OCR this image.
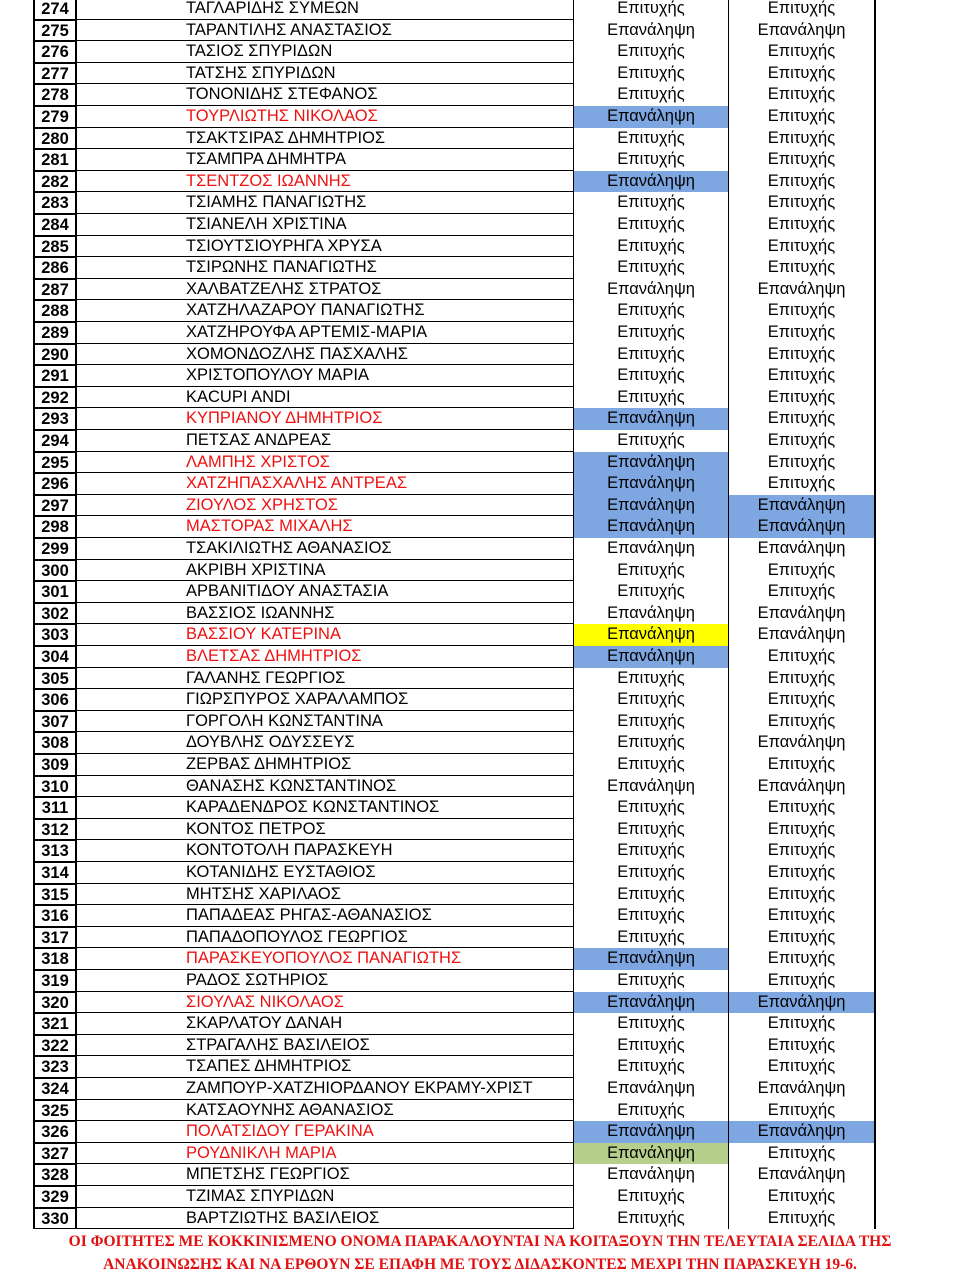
274	ΤΑΓΛΑΡΙΔΗΣ ΣΥΜΕΩΝ	Επιτυχής	Επιτυχής
275	ΤΑΡΑΝΤΙΛΗΣ ΑΝΑΣΤΑΣΙΟΣ	Επανάληψη	Επανάληψη
276	ΤΑΣΙΟΣ ΣΠΥΡΙΔΩΝ	Επιτυχής	Επιτυχής
277	ΤΑΤΣΗΣ ΣΠΥΡΙΔΩΝ	Επιτυχής	Επιτυχής
278	ΤΟΝΟΝΙΔΗΣ ΣΤΕΦΑΝΟΣ	Επιτυχής	Επιτυχής
279	ΤΟΥΡΛΙΩΤΗΣ ΝΙΚΟΛΑΟΣ	Επανάληψη	Επιτυχής
280	ΤΣΑΚΤΣΙΡΑΣ ΔΗΜΗΤΡΙΟΣ	Επιτυχής	Επιτυχής
281	ΤΣΑΜΠΡΑ ΔΗΜΗΤΡΑ	Επιτυχής	Επιτυχής
282	ΤΣΕΝΤΖΟΣ ΙΩΑΝΝΗΣ	Επανάληψη	Επιτυχής
283	ΤΣΙΑΜΗΣ ΠΑΝΑΓΙΩΤΗΣ	Επιτυχής	Επιτυχής
284	ΤΣΙΑΝΕΛΗ ΧΡΙΣΤΙΝΑ	Επιτυχής	Επιτυχής
285	ΤΣΙΟΥΤΣΙΟΥΡΗΓΑ ΧΡΥΣΑ	Επιτυχής	Επιτυχής
286	ΤΣΙΡΩΝΗΣ ΠΑΝΑΓΙΩΤΗΣ	Επιτυχής	Επιτυχής
287	ΧΑΛΒΑΤΖΕΛΗΣ ΣΤΡΑΤΟΣ	Επανάληψη	Επανάληψη
288	ΧΑΤΖΗΛΑΖΑΡΟΥ ΠΑΝΑΓΙΩΤΗΣ	Επιτυχής	Επιτυχής
289	ΧΑΤΖΗΡΟΥΦΑ ΑΡΤΕΜΙΣ-ΜΑΡΙΑ	Επιτυχής	Επιτυχής
290	ΧΟΜΟΝΔΟΖΛΗΣ ΠΑΣΧΑΛΗΣ	Επιτυχής	Επιτυχής
291	ΧΡΙΣΤΟΠΟΥΛΟΥ ΜΑΡΙΑ	Επιτυχής	Επιτυχής
292	KACUPI ANDI	Επιτυχής	Επιτυχής
293	ΚΥΠΡΙΑΝΟΥ ΔΗΜΗΤΡΙΟΣ	Επανάληψη	Επιτυχής
294	ΠΕΤΣΑΣ ΑΝΔΡΕΑΣ	Επιτυχής	Επιτυχής
295	ΛΑΜΠΗΣ ΧΡΙΣΤΟΣ	Επανάληψη	Επιτυχής
296	ΧΑΤΖΗΠΑΣΧΑΛΗΣ ΑΝΤΡΕΑΣ	Επανάληψη	Επιτυχής
297	ΖΙΟΥΛΟΣ ΧΡΗΣΤΟΣ	Επανάληψη	Επανάληψη
298	ΜΑΣΤΟΡΑΣ ΜΙΧΑΛΗΣ	Επανάληψη	Επανάληψη
299	ΤΣΑΚΙΛΙΩΤΗΣ ΑΘΑΝΑΣΙΟΣ	Επανάληψη	Επανάληψη
300	ΑΚΡΙΒΗ ΧΡΙΣΤΙΝΑ	Επιτυχής	Επιτυχής
301	ΑΡΒΑΝΙΤΙΔΟΥ ΑΝΑΣΤΑΣΙΑ	Επιτυχής	Επιτυχής
302	ΒΑΣΣΙΟΣ ΙΩΑΝΝΗΣ	Επανάληψη	Επανάληψη
303	ΒΑΣΣΙΟΥ ΚΑΤΕΡΙΝΑ	Επανάληψη	Επανάληψη
304	ΒΛΕΤΣΑΣ ΔΗΜΗΤΡΙΟΣ	Επανάληψη	Επιτυχής
305	ΓΑΛΑΝΗΣ ΓΕΩΡΓΙΟΣ	Επιτυχής	Επιτυχής
306	ΓΙΩΡΣΠΥΡΟΣ ΧΑΡΑΛΑΜΠΟΣ	Επιτυχής	Επιτυχής
307	ΓΟΡΓΟΛΗ ΚΩΝΣΤΑΝΤΙΝΑ	Επιτυχής	Επιτυχής
308	ΔΟΥΒΛΗΣ ΟΔΥΣΣΕΥΣ	Επιτυχής	Επανάληψη
309	ΖΕΡΒΑΣ ΔΗΜΗΤΡΙΟΣ	Επιτυχής	Επιτυχής
310	ΘΑΝΑΣΗΣ ΚΩΝΣΤΑΝΤΙΝΟΣ	Επανάληψη	Επανάληψη
311	ΚΑΡΑΔΕΝΔΡΟΣ ΚΩΝΣΤΑΝΤΙΝΟΣ	Επιτυχής	Επιτυχής
312	ΚΟΝΤΟΣ ΠΕΤΡΟΣ	Επιτυχής	Επιτυχής
313	ΚΟΝΤΟΤΟΛΗ ΠΑΡΑΣΚΕΥΗ	Επιτυχής	Επιτυχής
314	ΚΟΤΑΝΙΔΗΣ ΕΥΣΤΑΘΙΟΣ	Επιτυχής	Επιτυχής
315	ΜΗΤΣΗΣ ΧΑΡΙΛΑΟΣ	Επιτυχής	Επιτυχής
316	ΠΑΠΑΔΕΑΣ ΡΗΓΑΣ-ΑΘΑΝΑΣΙΟΣ	Επιτυχής	Επιτυχής
317	ΠΑΠΑΔΟΠΟΥΛΟΣ ΓΕΩΡΓΙΟΣ	Επιτυχής	Επιτυχής
318	ΠΑΡΑΣΚΕΥΟΠΟΥΛΟΣ ΠΑΝΑΓΙΩΤΗΣ	Επανάληψη	Επιτυχής
319	ΡΑΔΟΣ ΣΩΤΗΡΙΟΣ	Επιτυχής	Επιτυχής
320	ΣΙΟΥΛΑΣ ΝΙΚΟΛΑΟΣ	Επανάληψη	Επανάληψη
321	ΣΚΑΡΛΑΤΟΥ ΔΑΝΑΗ	Επιτυχής	Επιτυχής
322	ΣΤΡΑΓΑΛΗΣ ΒΑΣΙΛΕΙΟΣ	Επιτυχής	Επιτυχής
323	ΤΣΑΠΕΣ ΔΗΜΗΤΡΙΟΣ	Επιτυχής	Επιτυχής
324	ΖΑΜΠΟΥΡ-ΧΑΤΖΗΙΟΡΔΑΝΟΥ ΕΚΡΑΜΥ-ΧΡΙΣΤ	Επανάληψη	Επανάληψη
325	ΚΑΤΣΑΟΥΝΗΣ ΑΘΑΝΑΣΙΟΣ	Επιτυχής	Επιτυχής
326	ΠΟΛΑΤΣΙΔΟΥ ΓΕΡΑΚΙΝΑ	Επανάληψη	Επανάληψη
327	ΡΟΥΔΝΙΚΛΗ ΜΑΡΙΑ	Επανάληψη	Επιτυχής
328	ΜΠΕΤΣΗΣ ΓΕΩΡΓΙΟΣ	Επανάληψη	Επανάληψη
329	ΤΖΙΜΑΣ ΣΠΥΡΙΔΩΝ	Επιτυχής	Επιτυχής
330	ΒΑΡΤΖΙΩΤΗΣ ΒΑΣΙΛΕΙΟΣ	Επιτυχής	Επιτυχής
ΟΙ ΦΟΙΤΗΤΕΣ ΜΕ ΚΟΚΚΙΝΙΣΜΕΝΟ ΟΝΟΜΑ ΠΑΡΑΚΑΛΟΥΝΤΑΙ ΝΑ ΚΟΙΤΑΞΟΥΝ ΤΗΝ ΤΕΛΕΥΤΑΙΑ ΣΕΛΙΔΑ ΤΗΣ
ΑΝΑΚΟΙΝΩΣΗΣ ΚΑΙ ΝΑ ΕΡΘΟΥΝ ΣΕ ΕΠΑΦΗ ΜΕ ΤΟΥΣ ΔΙΔΑΣΚΟΝΤΕΣ ΜΕΧΡΙ ΤΗΝ ΠΑΡΑΣΚΕΥΗ 19-6.
